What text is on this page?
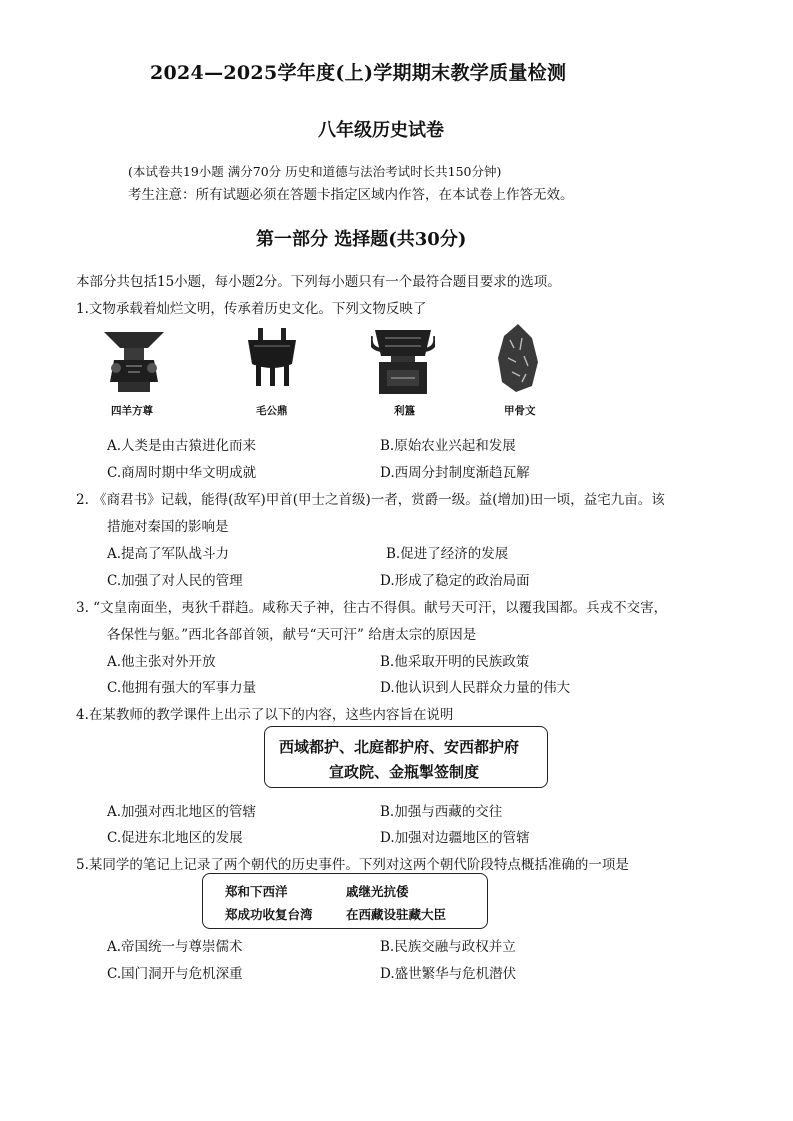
2024—2025学年度(上)学期期末教学质量检测
八年级历史试卷
(本试卷共19小题 满分70分 历史和道德与法治考试时长共150分钟)
考生注意：所有试题必须在答题卡指定区域内作答，在本试卷上作答无效。
第一部分 选择题(共30分)
本部分共包括15小题，每小题2分。下列每小题只有一个最符合题目要求的选项。
1.文物承载着灿烂文明，传承着历史文化。下列文物反映了
四羊方尊	毛公鼎	利簋	甲骨文
A.人类是由古猿进化而来	B.原始农业兴起和发展
C.商周时期中华文明成就	D.西周分封制度渐趋瓦解
2. 《商君书》记载，能得(敌军)甲首(甲士之首级)一者，赏爵一级。益(增加)田一顷，益宅九亩。该
措施对秦国的影响是
A.提高了军队战斗力	B.促进了经济的发展
C.加强了对人民的管理	D.形成了稳定的政治局面
3. “文皇南面坐，夷狄千群趋。咸称天子神，往古不得俱。献号天可汗，以覆我国都。兵戎不交害，
各保性与躯。”西北各部首领，献号“天可汗” 给唐太宗的原因是
A.他主张对外开放	B.他采取开明的民族政策
C.他拥有强大的军事力量	D.他认识到人民群众力量的伟大
4.在某教师的教学课件上出示了以下的内容，这些内容旨在说明
西域都护、北庭都护府、安西都护府
宣政院、金瓶掣签制度
A.加强对西北地区的管辖	B.加强与西藏的交往
C.促进东北地区的发展	D.加强对边疆地区的管辖
5.某同学的笔记上记录了两个朝代的历史事件。下列对这两个朝代阶段特点概括准确的一项是
郑和下西洋	戚继光抗倭
郑成功收复台湾	在西藏设驻藏大臣
A.帝国统一与尊崇儒术	B.民族交融与政权并立
C.国门洞开与危机深重	D.盛世繁华与危机潜伏
